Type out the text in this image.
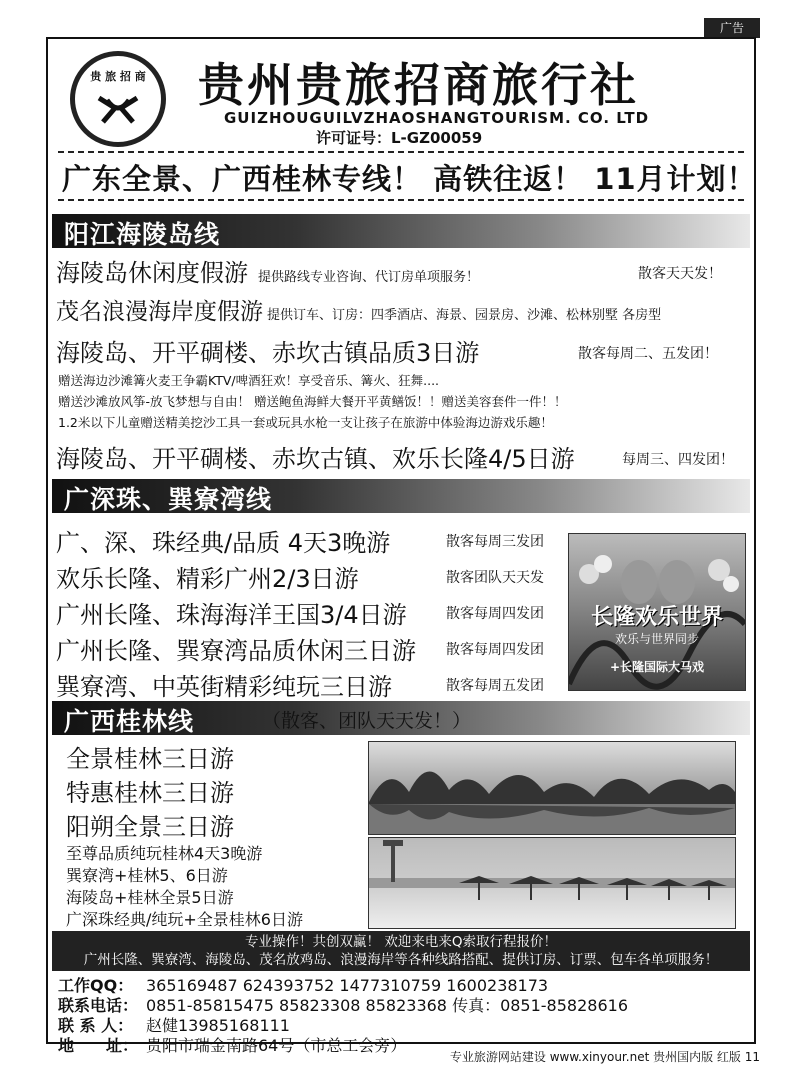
广告
贵 旅 招 商	贵州贵旅招商旅行社
GUIZHOUGUILVZHAOSHANGTOURISM. CO. LTD
许可证号：L-GZ00059
广东全景、广西桂林专线！ 高铁往返！ 11月计划！
阳江海陵岛线
海陵岛休闲度假游 提供路线专业咨询、代订房单项服务！	散客天天发！
茂名浪漫海岸度假游 提供订车、订房：四季酒店、海景、园景房、沙滩、松林别墅 各房型
海陵岛、开平碉楼、赤坎古镇品质3日游	散客每周二、五发团！
赠送海边沙滩篝火麦王争霸KTV/啤酒狂欢！享受音乐、篝火、狂舞....
赠送沙滩放风筝-放飞梦想与自由！ 赠送鲍鱼海鲜大餐开平黄鳝饭！！赠送美容套件一件！！
1.2米以下儿童赠送精美挖沙工具一套或玩具水枪一支让孩子在旅游中体验海边游戏乐趣！
海陵岛、开平碉楼、赤坎古镇、欢乐长隆4/5日游	每周三、四发团！
广深珠、巽寮湾线
广、深、珠经典/品质 4天3晚游	散客每周三发团
欢乐长隆、精彩广州2/3日游	散客团队天天发
广州长隆、珠海海洋王国3/4日游	散客每周四发团
广州长隆、巽寮湾品质休闲三日游 散客每周四发团
巽寮湾、中英街精彩纯玩三日游	散客每周五发团
长隆欢乐世界
欢乐与世界同步
+长隆国际大马戏
广西桂林线	（散客、团队天天发！）
全景桂林三日游
特惠桂林三日游
阳朔全景三日游
至尊品质纯玩桂林4天3晚游
巽寮湾+桂林5、6日游
海陵岛+桂林全景5日游
广深珠经典/纯玩+全景桂林6日游
专业操作！共创双赢！ 欢迎来电来Q索取行程报价！
广州长隆、巽寮湾、海陵岛、茂名放鸡岛、浪漫海岸等各种线路搭配、提供订房、订票、包车各单项服务！
工作QQ： 365169487 624393752 1477310759 1600238173
联系电话： 0851-85815475 85823308 85823368 传真：0851-85828616
联 系 人： 赵健13985168111
地　　址： 贵阳市瑞金南路64号（市总工会旁）
专业旅游网站建设 www.xinyour.net 贵州国内版 红版 11
